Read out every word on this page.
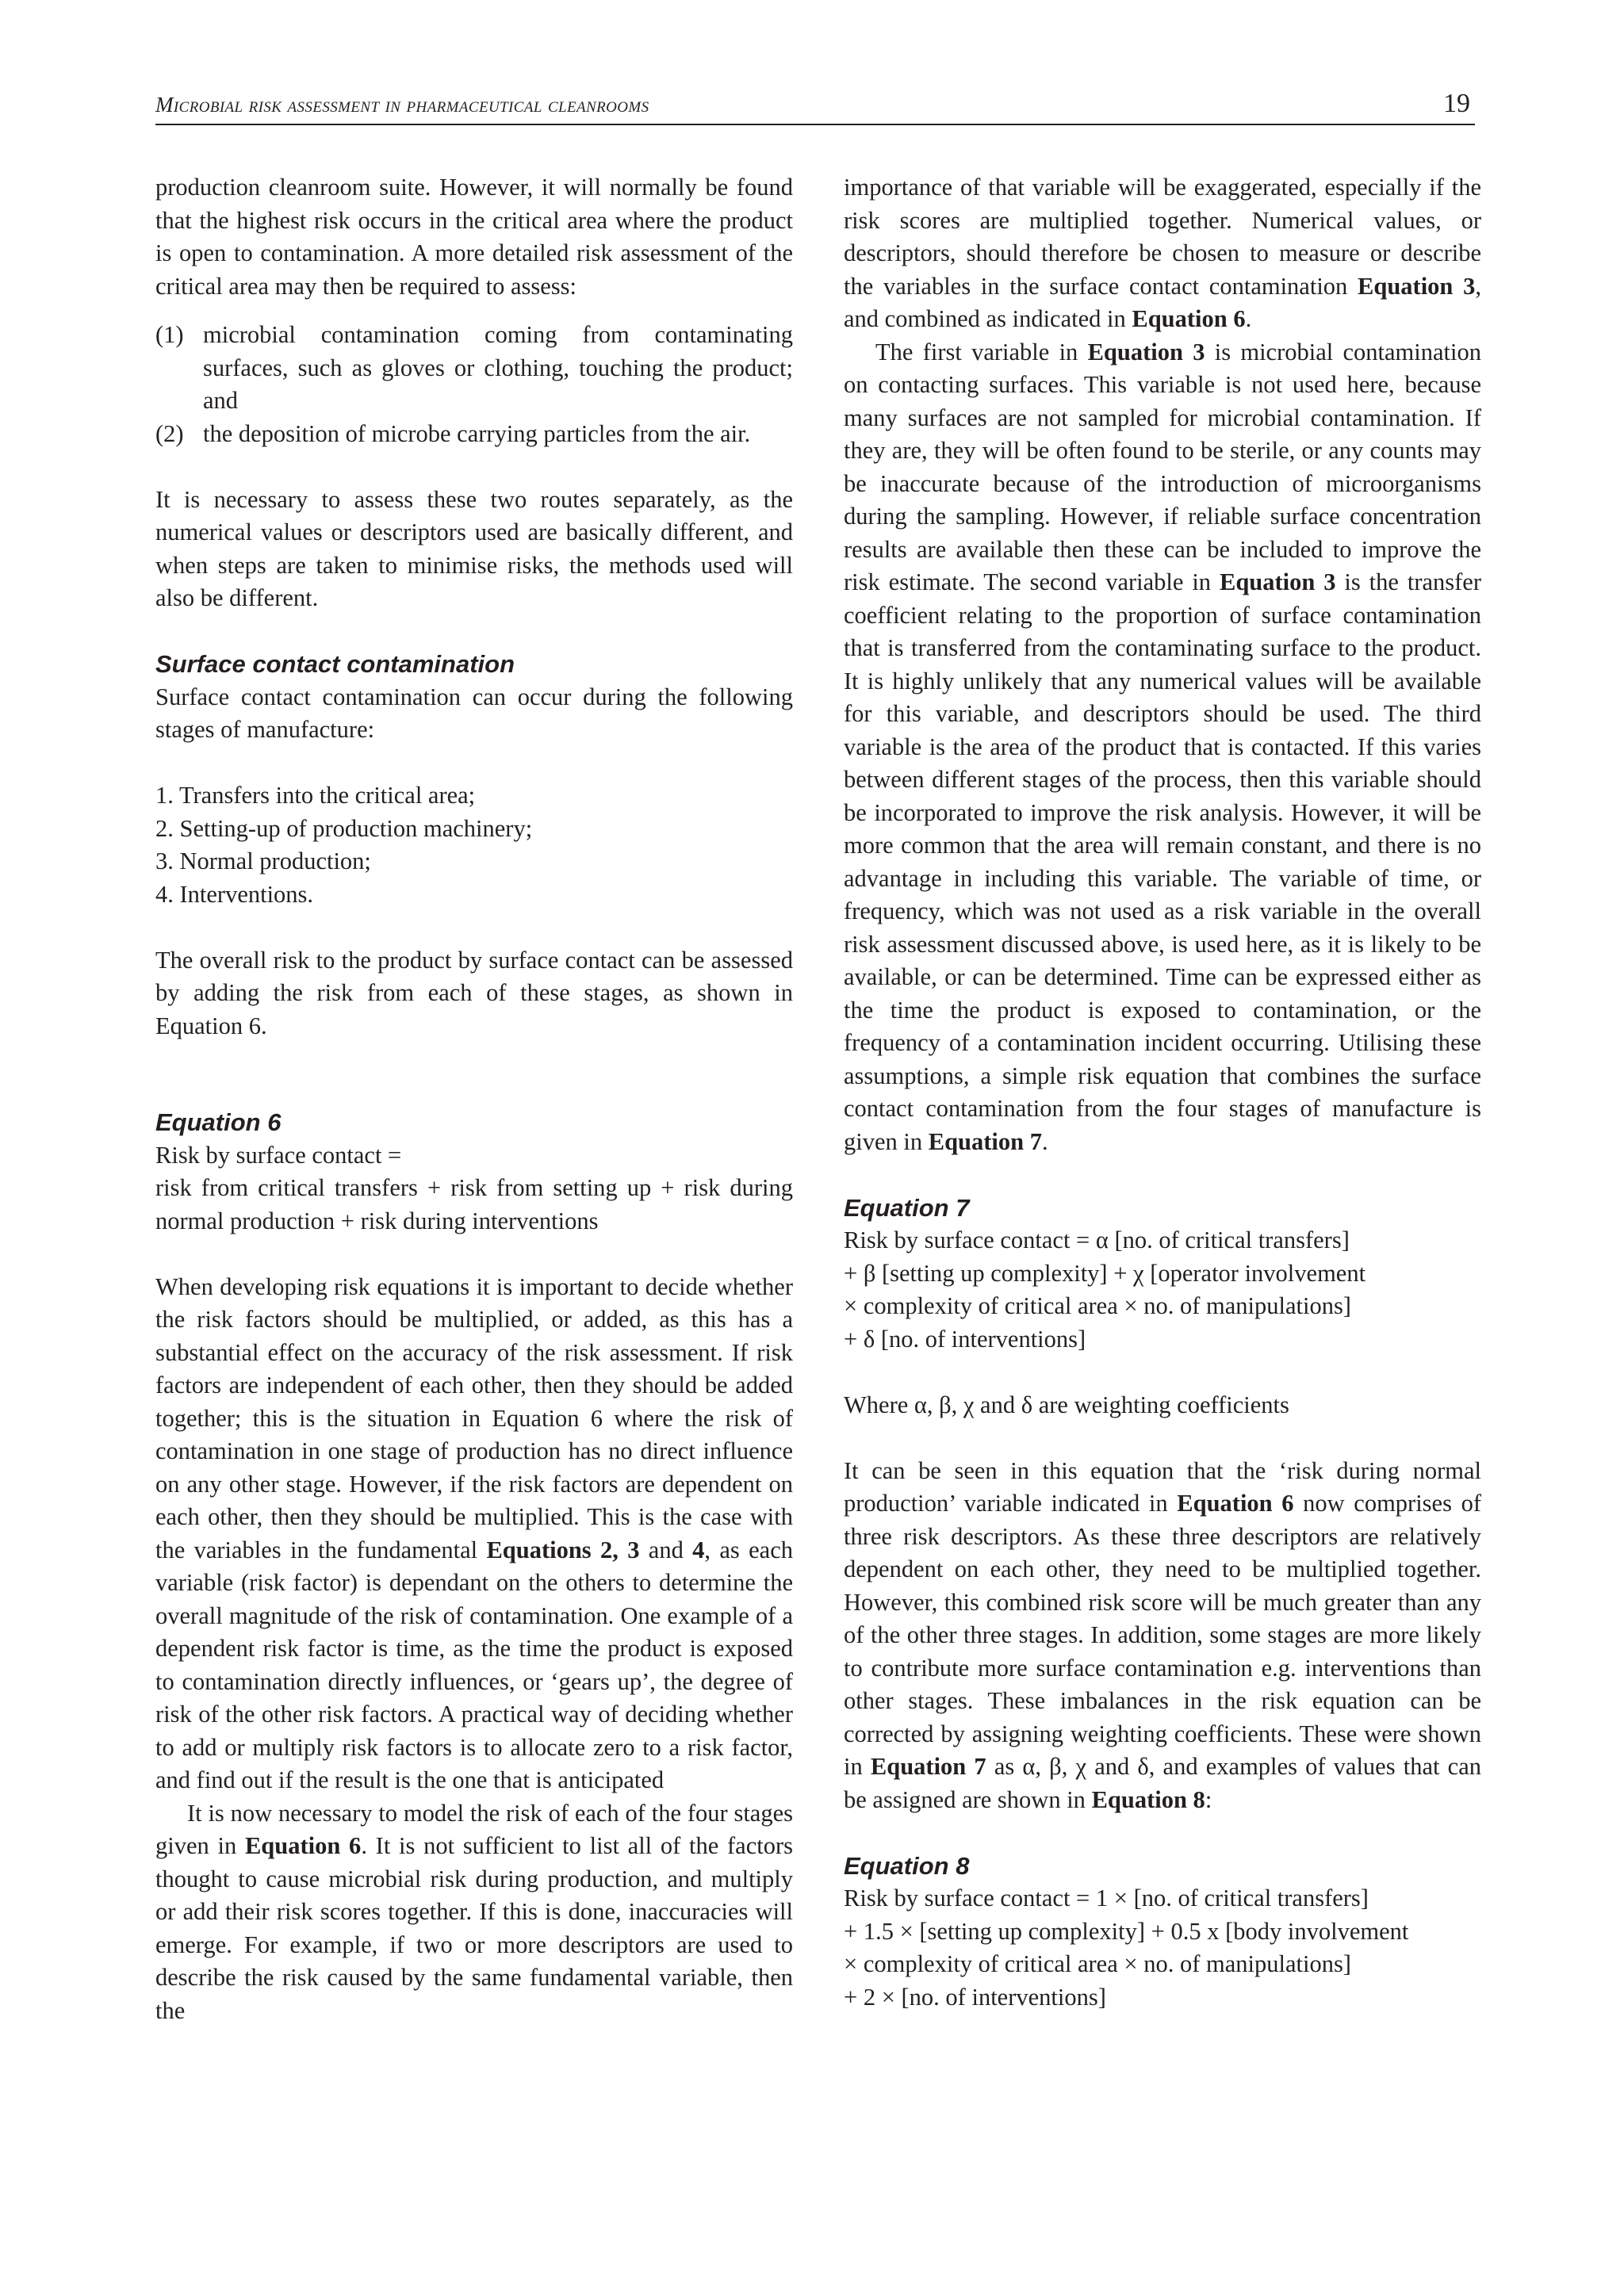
Microbial risk assessment in pharmaceutical cleanrooms	19

production cleanroom suite. However, it will normally be found that the highest risk occurs in the critical area where the product is open to contamination. A more detailed risk assessment of the critical area may then be required to assess:

(1) microbial contamination coming from contaminating surfaces, such as gloves or clothing, touching the product; and
(2) the deposition of microbe carrying particles from the air.

It is necessary to assess these two routes separately, as the numerical values or descriptors used are basically different, and when steps are taken to minimise risks, the methods used will also be different.

Surface contact contamination

Surface contact contamination can occur during the following stages of manufacture:

1. Transfers into the critical area;

2. Setting-up of production machinery;

3. Normal production;

4. Interventions.

The overall risk to the product by surface contact can be assessed by adding the risk from each of these stages, as shown in Equation 6.

Equation 6

Risk by surface contact =

risk from critical transfers + risk from setting up + risk during normal production + risk during interventions

When developing risk equations it is important to decide whether the risk factors should be multiplied, or added, as this has a substantial effect on the accuracy of the risk assessment. If risk factors are independent of each other, then they should be added together; this is the situation in Equation 6 where the risk of contamination in one stage of production has no direct influence on any other stage. However, if the risk factors are dependent on each other, then they should be multiplied. This is the case with the variables in the fundamental Equations 2, 3 and 4, as each variable (risk factor) is dependant on the others to determine the overall magnitude of the risk of contamination. One example of a dependent risk factor is time, as the time the product is exposed to contamination directly influences, or ‘gears up’, the degree of risk of the other risk factors. A practical way of deciding whether to add or multiply risk factors is to allocate zero to a risk factor, and find out if the result is the one that is anticipated

It is now necessary to model the risk of each of the four stages given in Equation 6. It is not sufficient to list all of the factors thought to cause microbial risk during production, and multiply or add their risk scores together. If this is done, inaccuracies will emerge. For example, if two or more descriptors are used to describe the risk caused by the same fundamental variable, then the

importance of that variable will be exaggerated, especially if the risk scores are multiplied together. Numerical values, or descriptors, should therefore be chosen to measure or describe the variables in the surface contact contamination Equation 3, and combined as indicated in Equation 6.

The first variable in Equation 3 is microbial contamination on contacting surfaces. This variable is not used here, because many surfaces are not sampled for microbial contamination. If they are, they will be often found to be sterile, or any counts may be inaccurate because of the introduction of microorganisms during the sampling. However, if reliable surface concentration results are available then these can be included to improve the risk estimate. The second variable in Equation 3 is the transfer coefficient relating to the proportion of surface contamination that is transferred from the contaminating surface to the product. It is highly unlikely that any numerical values will be available for this variable, and descriptors should be used. The third variable is the area of the product that is contacted. If this varies between different stages of the process, then this variable should be incorporated to improve the risk analysis. However, it will be more common that the area will remain constant, and there is no advantage in including this variable. The variable of time, or frequency, which was not used as a risk variable in the overall risk assessment discussed above, is used here, as it is likely to be available, or can be determined. Time can be expressed either as the time the product is exposed to contamination, or the frequency of a contamination incident occurring. Utilising these assumptions, a simple risk equation that combines the surface contact contamination from the four stages of manufacture is given in Equation 7.

Equation 7

Risk by surface contact = α [no. of critical transfers]

+ β [setting up complexity] + χ [operator involvement

× complexity of critical area × no. of manipulations]

+ δ [no. of interventions]

Where α, β, χ and δ are weighting coefficients

It can be seen in this equation that the ‘risk during normal production’ variable indicated in Equation 6 now comprises of three risk descriptors. As these three descriptors are relatively dependent on each other, they need to be multiplied together. However, this combined risk score will be much greater than any of the other three stages. In addition, some stages are more likely to contribute more surface contamination e.g. interventions than other stages. These imbalances in the risk equation can be corrected by assigning weighting coefficients. These were shown in Equation 7 as α, β, χ and δ, and examples of values that can be assigned are shown in Equation 8:

Equation 8

Risk by surface contact = 1 × [no. of critical transfers]

+ 1.5 × [setting up complexity] + 0.5 x [body involvement

× complexity of critical area × no. of manipulations]

+ 2 × [no. of interventions]
